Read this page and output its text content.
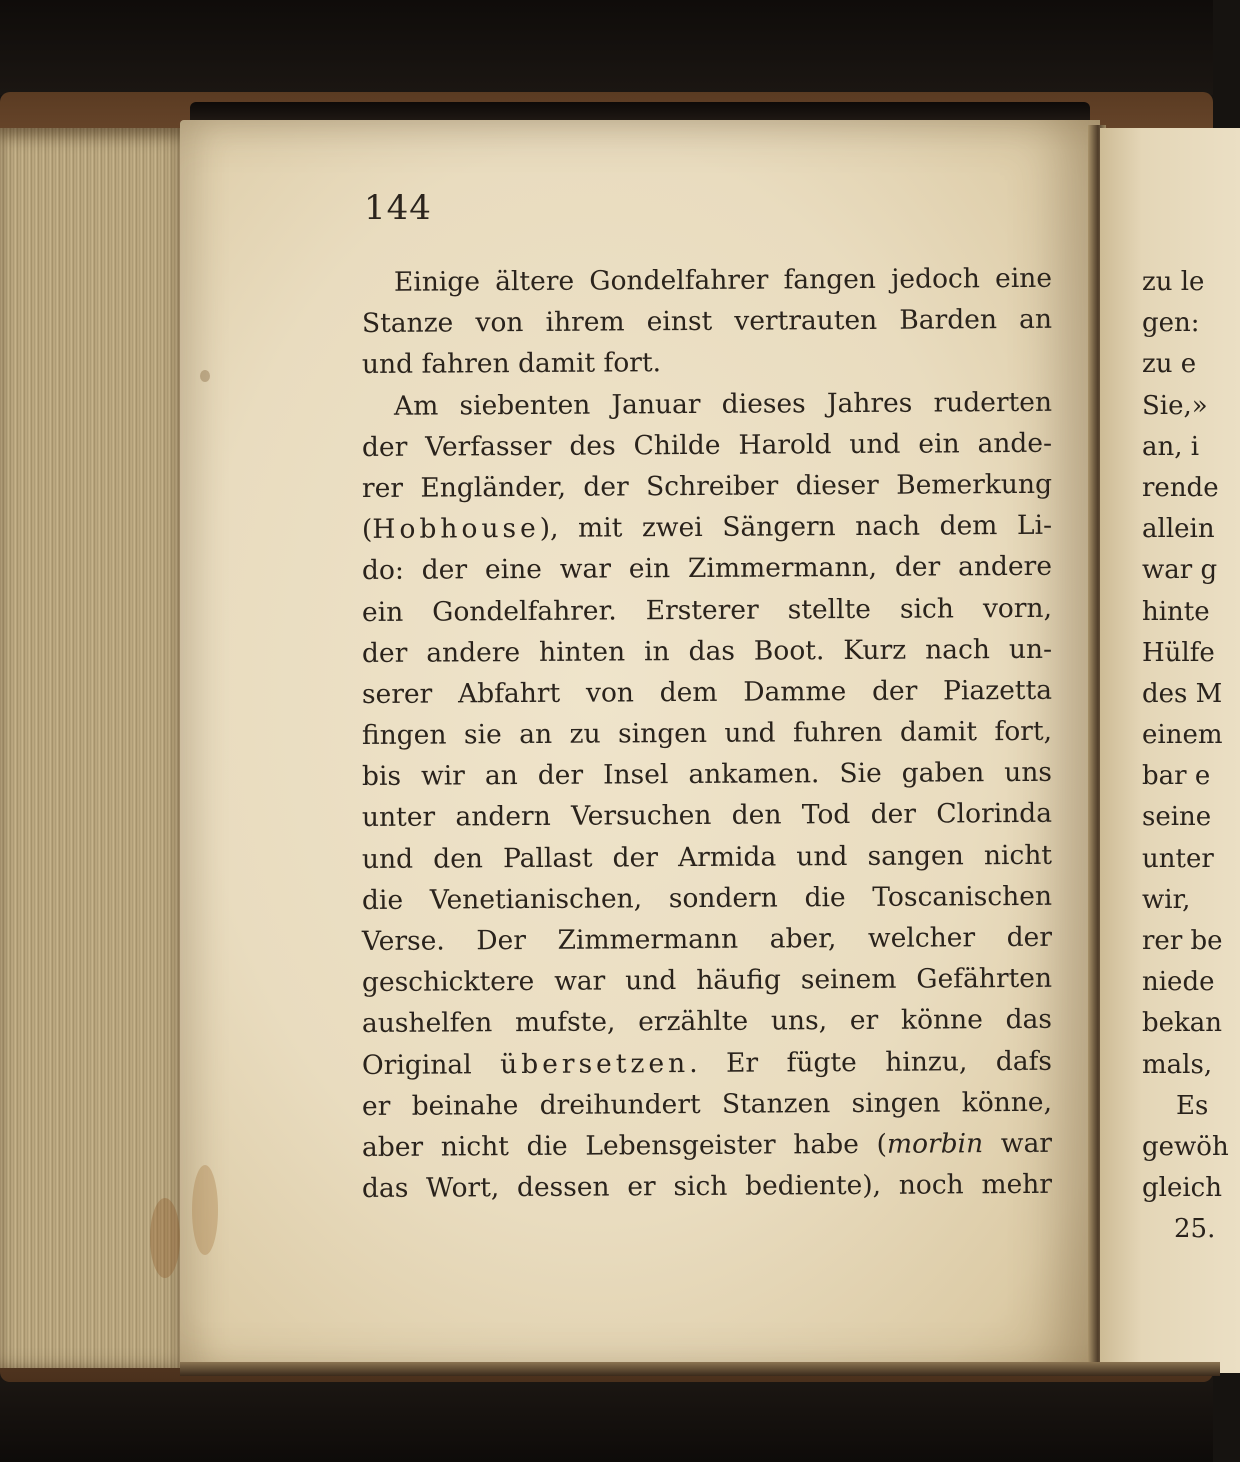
144
Einige ältere Gondelfahrer fangen jedoch eine
Stanze von ihrem einst vertrauten Barden an
und fahren damit fort.
Am siebenten Januar dieses Jahres ruderten
der Verfasser des Childe Harold und ein ande-
rer Engländer, der Schreiber dieser Bemerkung
(Hobhouse), mit zwei Sängern nach dem Li-
do: der eine war ein Zimmermann, der andere
ein Gondelfahrer. Ersterer stellte sich vorn,
der andere hinten in das Boot. Kurz nach un-
serer Abfahrt von dem Damme der Piazetta
fingen sie an zu singen und fuhren damit fort,
bis wir an der Insel ankamen. Sie gaben uns
unter andern Versuchen den Tod der Clorinda
und den Pallast der Armida und sangen nicht
die Venetianischen, sondern die Toscanischen
Verse. Der Zimmermann aber, welcher der
geschicktere war und häufig seinem Gefährten
aushelfen mufste, erzählte uns, er könne das
Original übersetzen. Er fügte hinzu, dafs
er beinahe dreihundert Stanzen singen könne,
aber nicht die Lebensgeister habe (morbin war
das Wort, dessen er sich bediente), noch mehr
zu le
gen:
zu e
Sie,»
an, i
rende
allein
war g
hinte
Hülfe
des M
einem
bar e
seine
unter
wir,
rer be
niede
bekan
mals,
Es
gewöh
gleich
25.
